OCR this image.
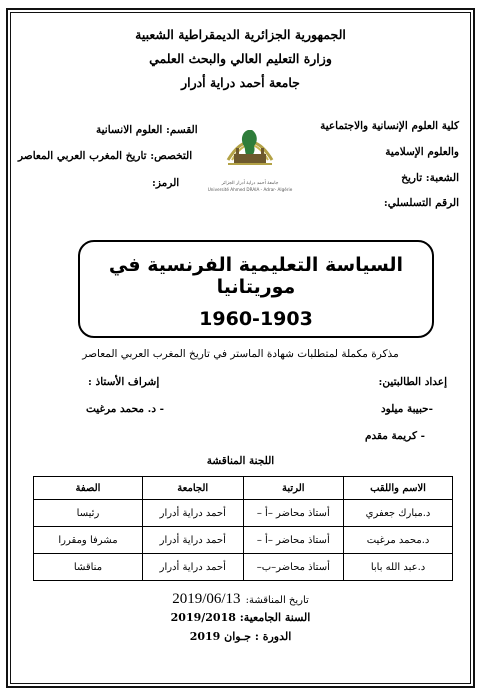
الجمهورية الجزائرية الديمقراطية الشعبية
وزارة التعليم العالي والبحث العلمي
جامعة أحمد دراية أدرار
كلية العلوم الإنسانية والاجتماعية
والعلوم الإسلامية
الشعبة: تاريخ
الرقم التسلسلي:
القسم: العلوم الانسانية
التخصص: تاريخ المغرب العربي المعاصر
الرمز:	جامعة أحمد دراية أدرار الجزائر
Université Ahmed DRAIA - Adrar- Algérie
السياسة التعليمية الفرنسية في موريتانيا
1960-1903
مذكرة مكملة لمتطلبات شهادة الماستر في تاريخ المغرب العربي المعاصر
إعداد الطالبتين:
إشراف الأستاذ :
-حبيبة ميلود
- د. محمد مرغيت
- كريمة مقدم
اللجنة المناقشة
الاسم واللقب	الرتبة	الجامعة	الصفة
د.مبارك جعفري	أستاذ محاضر –أ –	أحمد دراية أدرار	رئيسا
د.محمد مرغيت	أستاذ محاضر –أ –	أحمد دراية أدرار	مشرفا ومقررا
د.عبد الله بابا	أستاذ محاضر–ب–	أحمد دراية أدرار	مناقشا
تاريخ المناقشة: 2019/06/13
السنة الجامعية: 2019/2018
الدورة : جـوان 2019
